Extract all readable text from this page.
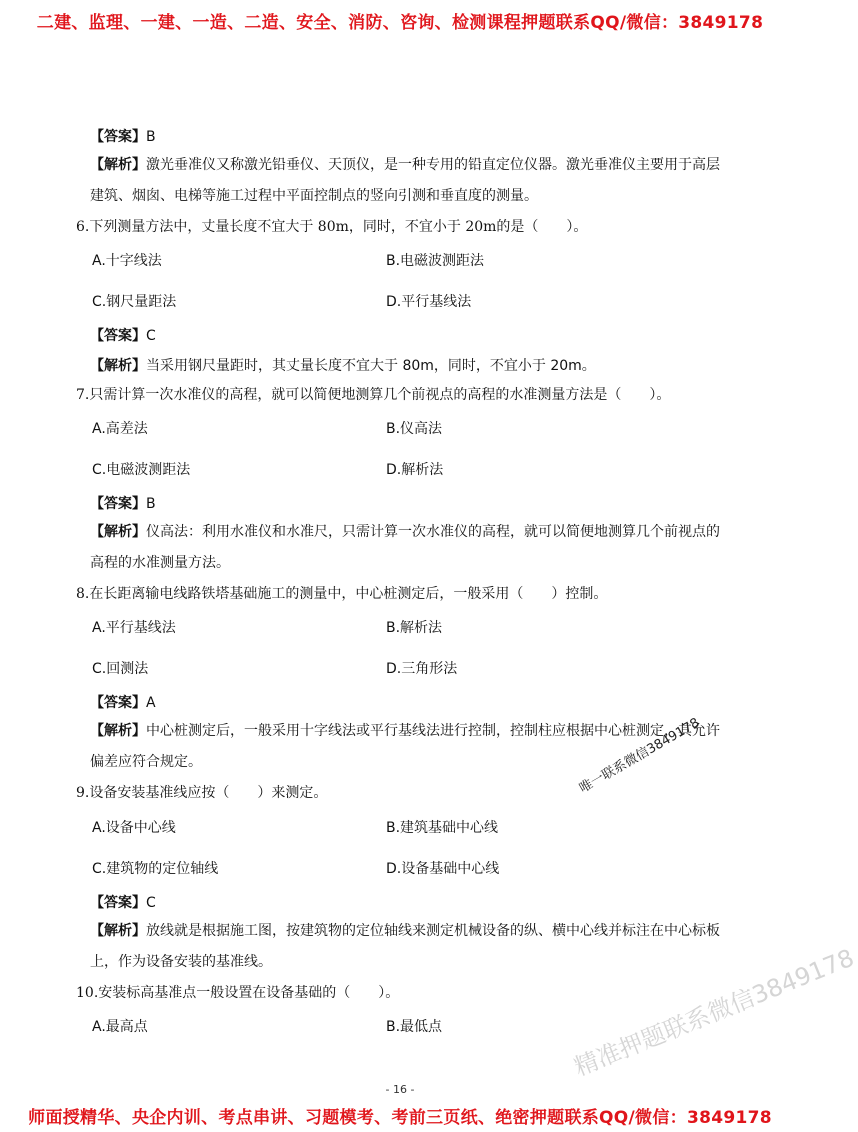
二建、监理、一建、一造、二造、安全、消防、咨询、检测课程押题联系QQ/微信：3849178
【答案】B
【解析】激光垂准仪又称激光铅垂仪、天顶仪，是一种专用的铅直定位仪器。激光垂准仪主要用于高层建筑、烟囱、电梯等施工过程中平面控制点的竖向引测和垂直度的测量。
6.下列测量方法中，丈量长度不宜大于 80m，同时，不宜小于 20m的是（　　）。
A.十字线法	B.电磁波测距法
C.钢尺量距法	D.平行基线法
【答案】C
【解析】当采用钢尺量距时，其丈量长度不宜大于 80m，同时，不宜小于 20m。
7.只需计算一次水准仪的高程，就可以简便地测算几个前视点的高程的水准测量方法是（　　）。
A.高差法	B.仪高法
C.电磁波测距法	D.解析法
【答案】B
【解析】仪高法：利用水准仪和水准尺，只需计算一次水准仪的高程，就可以简便地测算几个前视点的高程的水准测量方法。
8.在长距离输电线路铁塔基础施工的测量中，中心桩测定后，一般采用（　　）控制。
A.平行基线法	B.解析法
C.回测法	D.三角形法
【答案】A
【解析】中心桩测定后，一般采用十字线法或平行基线法进行控制，控制柱应根据中心桩测定，其允许偏差应符合规定。
9.设备安装基准线应按（　　）来测定。
A.设备中心线	B.建筑基础中心线
C.建筑物的定位轴线	D.设备基础中心线
【答案】C
【解析】放线就是根据施工图，按建筑物的定位轴线来测定机械设备的纵、横中心线并标注在中心标板上，作为设备安装的基准线。
10.安装标高基准点一般设置在设备基础的（　　）。
A.最高点	B.最低点
唯一联系微信3849178
精准押题联系微信3849178
- 16 -
师面授精华、央企内训、考点串讲、习题模考、考前三页纸、绝密押题联系QQ/微信：3849178
